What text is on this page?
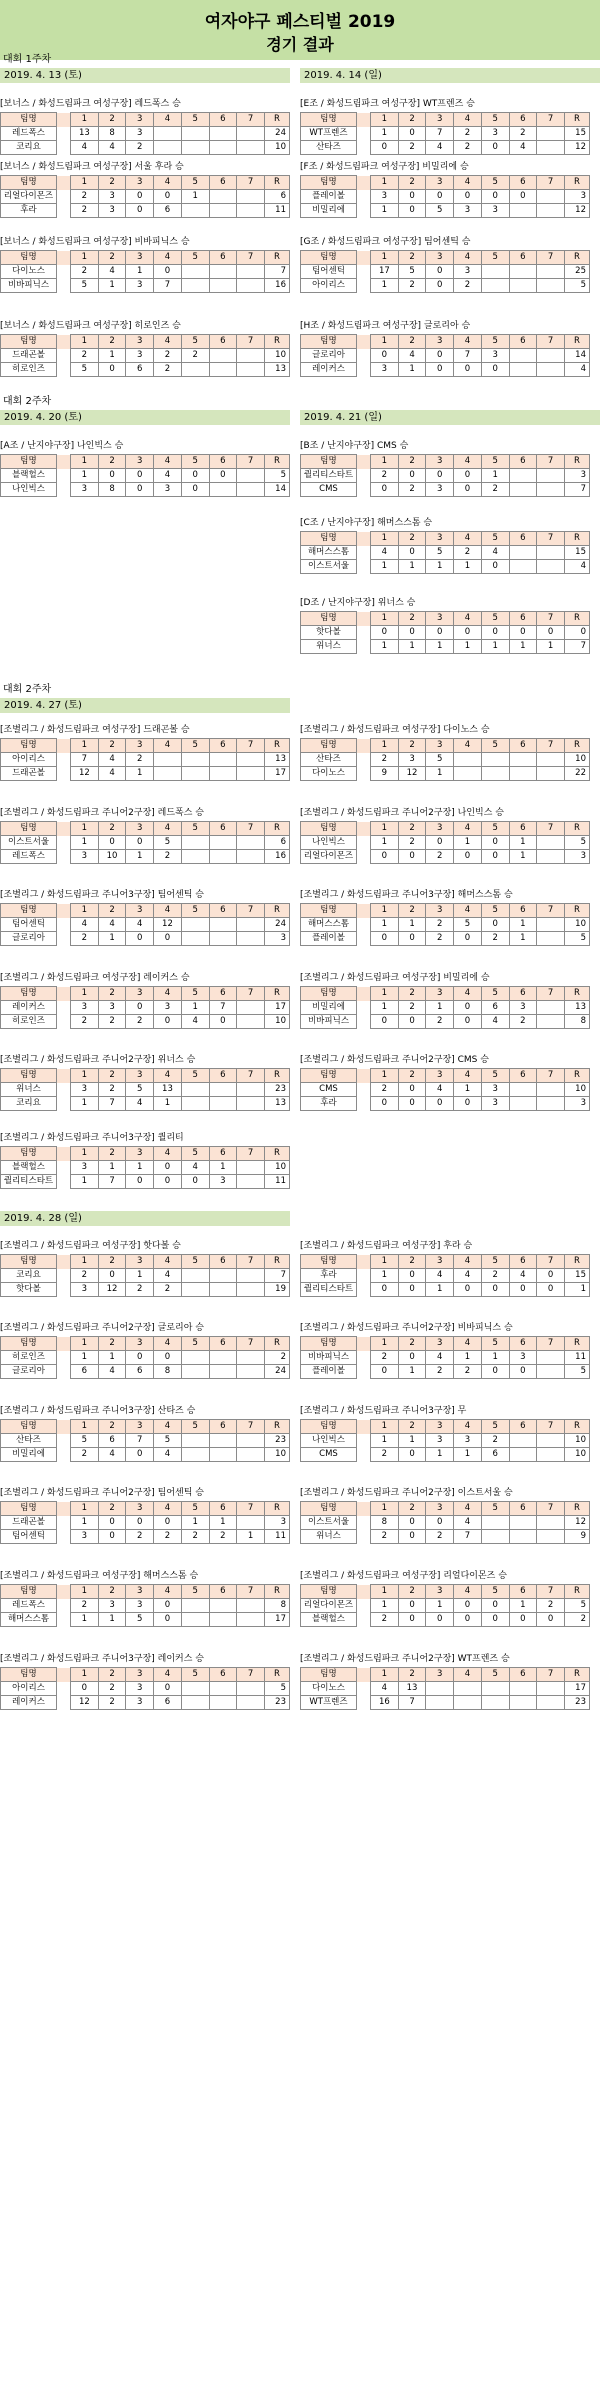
여자야구 페스티벌 2019
경기 결과
대회 1주차
대회 2주차
대회 2주차
2019. 4. 13 (토)
[보너스 / 화성드림파크 여성구장] 레드폭스 승
팀명		1	2	3	4	5	6	7	R
레드폭스		13	8	3					24
코리요		4	4	2					10
[보너스 / 화성드림파크 여성구장] 서울 후라 승
팀명		1	2	3	4	5	6	7	R
리얼다이몬즈		2	3	0	0	1			6
후라		2	3	0	6				11
[보너스 / 화성드림파크 여성구장] 비바피닉스 승
팀명		1	2	3	4	5	6	7	R
다이노스		2	4	1	0				7
비바피닉스		5	1	3	7				16
[보너스 / 화성드림파크 여성구장] 히로인즈 승
팀명		1	2	3	4	5	6	7	R
드래곤볼		2	1	3	2	2			10
히로인즈		5	0	6	2				13
2019. 4. 14 (일)
[E조 / 화성드림파크 여성구장] WT프렌즈 승
팀명		1	2	3	4	5	6	7	R
WT프렌즈		1	0	7	2	3	2		15
산타즈		0	2	4	2	0	4		12
[F조 / 화성드림파크 여성구장] 비밀리에 승
팀명		1	2	3	4	5	6	7	R
플레이볼		3	0	0	0	0	0		3
비밀리에		1	0	5	3	3			12
[G조 / 화성드림파크 여성구장] 팀어센틱 승
팀명		1	2	3	4	5	6	7	R
팀어센틱		17	5	0	3				25
아이리스		1	2	0	2				5
[H조 / 화성드림파크 여성구장] 글로리아 승
팀명		1	2	3	4	5	6	7	R
글로리아		0	4	0	7	3			14
레이커스		3	1	0	0	0			4
2019. 4. 20 (토)
[A조 / 난지야구장] 나인빅스 승
팀명		1	2	3	4	5	6	7	R
블랙헐스		1	0	0	4	0	0		5
나인빅스		3	8	0	3	0			14
2019. 4. 21 (일)
[B조 / 난지야구장] CMS 승
팀명		1	2	3	4	5	6	7	R
퀄리티스타트		2	0	0	0	1			3
CMS		0	2	3	0	2			7
[C조 / 난지야구장] 해머스스톰 승
팀명		1	2	3	4	5	6	7	R
해머스스톰		4	0	5	2	4			15
이스트서울		1	1	1	1	0			4
[D조 / 난지야구장] 위너스 승
팀명		1	2	3	4	5	6	7	R
핫다볼		0	0	0	0	0	0	0	0
위너스		1	1	1	1	1	1	1	7
2019. 4. 27 (토)
[조별리그 / 화성드림파크 여성구장] 드래곤볼 승
팀명		1	2	3	4	5	6	7	R
아이리스		7	4	2					13
드래곤볼		12	4	1					17
[조별리그 / 화성드림파크 주니어2구장] 레드폭스 승
팀명		1	2	3	4	5	6	7	R
이스트서울		1	0	0	5				6
레드폭스		3	10	1	2				16
[조별리그 / 화성드림파크 주니어3구장] 팀어센틱 승
팀명		1	2	3	4	5	6	7	R
팀어센틱		4	4	4	12				24
글로리아		2	1	0	0				3
[조별리그 / 화성드림파크 여성구장] 레이커스 승
팀명		1	2	3	4	5	6	7	R
레이커스		3	3	0	3	1	7		17
히로인즈		2	2	2	0	4	0		10
[조별리그 / 화성드림파크 주니어2구장] 위너스 승
팀명		1	2	3	4	5	6	7	R
위너스		3	2	5	13				23
코리요		1	7	4	1				13
[조별리그 / 화성드림파크 주니어3구장] 퀄리티
팀명		1	2	3	4	5	6	7	R
블랙헐스		3	1	1	0	4	1		10
퀄리티스타트		1	7	0	0	0	3		11
[조별리그 / 화성드림파크 여성구장] 다이노스 승
팀명		1	2	3	4	5	6	7	R
산타즈		2	3	5					10
다이노스		9	12	1					22
[조별리그 / 화성드림파크 주니어2구장] 나인빅스 승
팀명		1	2	3	4	5	6	7	R
나인빅스		1	2	0	1	0	1		5
리얼다이몬즈		0	0	2	0	0	1		3
[조별리그 / 화성드림파크 주니어3구장] 해머스스톰 승
팀명		1	2	3	4	5	6	7	R
해머스스톰		1	1	2	5	0	1		10
플레이볼		0	0	2	0	2	1		5
[조별리그 / 화성드림파크 여성구장] 비밀리에 승
팀명		1	2	3	4	5	6	7	R
비밀리에		1	2	1	0	6	3		13
비바피닉스		0	0	2	0	4	2		8
[조별리그 / 화성드림파크 주니어2구장] CMS 승
팀명		1	2	3	4	5	6	7	R
CMS		2	0	4	1	3			10
후라		0	0	0	0	3			3
2019. 4. 28 (일)
[조별리그 / 화성드림파크 여성구장] 핫다볼 승
팀명		1	2	3	4	5	6	7	R
코리요		2	0	1	4				7
핫다볼		3	12	2	2				19
[조별리그 / 화성드림파크 주니어2구장] 글로리아 승
팀명		1	2	3	4	5	6	7	R
히로인즈		1	1	0	0				2
글로리아		6	4	6	8				24
[조별리그 / 화성드림파크 주니어3구장] 산타즈 승
팀명		1	2	3	4	5	6	7	R
산타즈		5	6	7	5				23
비밀리에		2	4	0	4				10
[조별리그 / 화성드림파크 주니어2구장] 팀어센틱 승
팀명		1	2	3	4	5	6	7	R
드래곤볼		1	0	0	0	1	1		3
팀어센틱		3	0	2	2	2	2	1	11
[조별리그 / 화성드림파크 여성구장] 해머스스톰 승
팀명		1	2	3	4	5	6	7	R
레드폭스		2	3	3	0				8
해머스스톰		1	1	5	0				17
[조별리그 / 화성드림파크 주니어3구장] 레이커스 승
팀명		1	2	3	4	5	6	7	R
아이리스		0	2	3	0				5
레이커스		12	2	3	6				23
[조별리그 / 화성드림파크 여성구장] 후라 승
팀명		1	2	3	4	5	6	7	R
후라		1	0	4	4	2	4	0	15
퀄리티스타트		0	0	1	0	0	0	0	1
[조별리그 / 화성드림파크 주니어2구장] 비바피닉스 승
팀명		1	2	3	4	5	6	7	R
비바피닉스		2	0	4	1	1	3		11
플레이볼		0	1	2	2	0	0		5
[조별리그 / 화성드림파크 주니어3구장] 무
팀명		1	2	3	4	5	6	7	R
나인빅스		1	1	3	3	2			10
CMS		2	0	1	1	6			10
[조별리그 / 화성드림파크 주니어2구장] 이스트서울 승
팀명		1	2	3	4	5	6	7	R
이스트서울		8	0	0	4				12
위너스		2	0	2	7				9
[조별리그 / 화성드림파크 여성구장] 리얼다이몬즈 승
팀명		1	2	3	4	5	6	7	R
리얼다이몬즈		1	0	1	0	0	1	2	5
블랙헐스		2	0	0	0	0	0	0	2
[조별리그 / 화성드림파크 주니어2구장] WT프렌즈 승
팀명		1	2	3	4	5	6	7	R
다이노스		4	13						17
WT프렌즈		16	7						23
